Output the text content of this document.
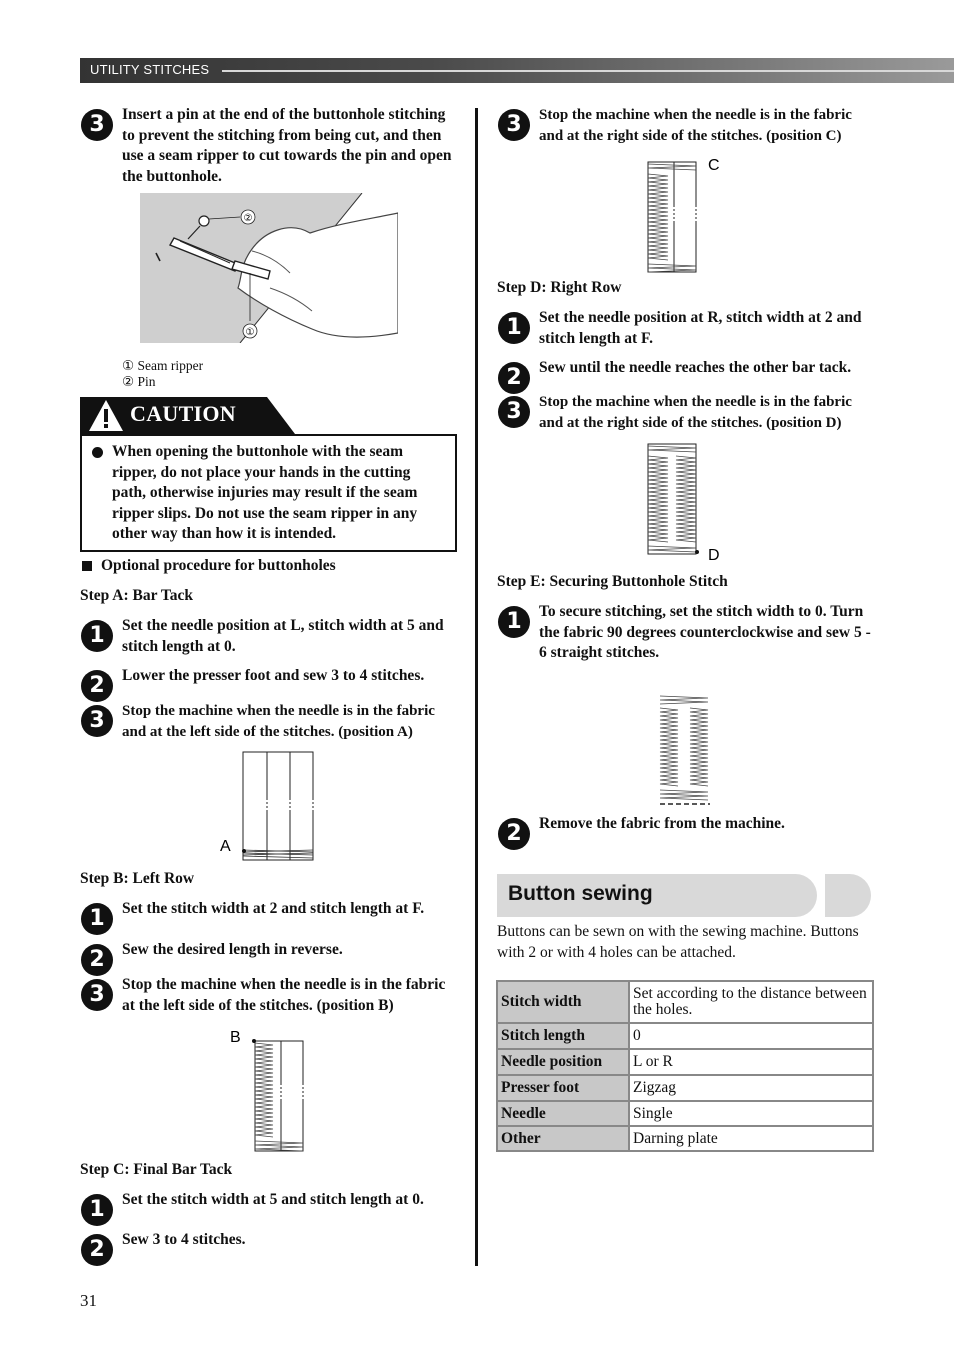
UTILITY STITCHES
3	Insert a pin at the end of the buttonhole stitching to prevent the stitching from being cut, and then use a seam ripper to cut towards the pin and open the buttonhole.
②
①
① Seam ripper
② Pin
CAUTION
When opening the buttonhole with the seam ripper, do not place your hands in the cutting path, otherwise injuries may result if the seam ripper slips. Do not use the seam ripper in any other way than how it is intended.
Optional procedure for buttonholes
Step A: Bar Tack
1	Set the needle position at L, stitch width at 5 and stitch length at 0.
2	Lower the presser foot and sew 3 to 4 stitches.
3	Stop the machine when the needle is in the fabric and at the left side of the stitches. (position A)
A
Step B: Left Row
1	Set the stitch width at 2 and stitch length at F.
2	Sew the desired length in reverse.
3	Stop the machine when the needle is in the fabric at the left side of the stitches. (position B)
B
Step C: Final Bar Tack
1	Set the stitch width at 5 and stitch length at 0.
2	Sew 3 to 4 stitches.
3	Stop the machine when the needle is in the fabric and at the right side of the stitches. (position C)
C
Step D: Right Row
1	Set the needle position at R, stitch width at 2 and stitch length at F.
2	Sew until the needle reaches the other bar tack.
3	Stop the machine when the needle is in the fabric and at the right side of the stitches. (position D)
D
Step E: Securing Buttonhole Stitch
1	To secure stitching, set the stitch width to 0. Turn the fabric 90 degrees counterclockwise and sew 5 - 6 straight stitches.
2	Remove the fabric from the machine.
Button sewing
Buttons can be sewn on with the sewing machine. Buttons with 2 or with 4 holes can be attached.
Stitch width	Set according to the distance between the holes.
Stitch length	0
Needle position	L or R
Presser foot	Zigzag
Needle	Single
Other	Darning plate
31
